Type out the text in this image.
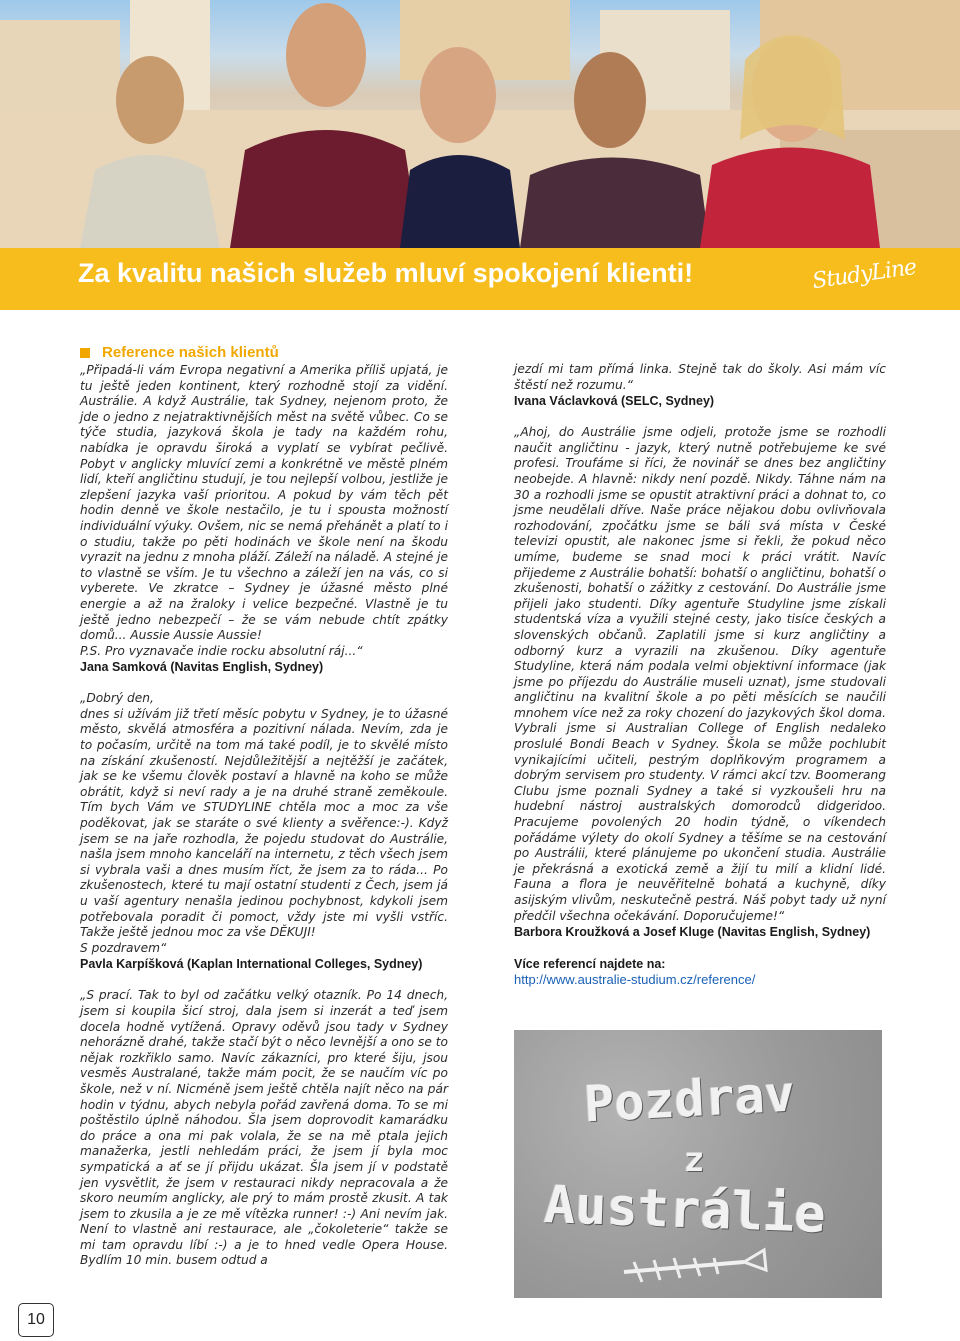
Za kvalitu našich služeb mluví spokojení klienti!	StudyLine
Reference našich klientů

„Připadá-li vám Evropa negativní a Amerika příliš upjatá, je tu ještě jeden kontinent, který rozhodně stojí za vidění. Austrálie. A když Austrálie, tak Sydney, nejenom proto, že jde o jedno z nejatraktivnějších měst na světě vůbec. Co se týče studia, jazyková škola je tady na každém rohu, nabídka je opravdu široká a vyplatí se vybírat pečlivě. Pobyt v anglicky mluvící zemi a konkrétně ve městě plném lidí, kteří angličtinu studují, je tou nejlepší volbou, jestliže je zlepšení jazyka vaší prioritou. A pokud by vám těch pět hodin denně ve škole nestačilo, je tu i spousta možností individuální výuky. Ovšem, nic se nemá přehánět a platí to i o studiu, takže po pěti hodinách ve škole není na škodu vyrazit na jednu z mnoha pláží. Záleží na náladě. A stejné je to vlastně se vším. Je tu všechno a záleží jen na vás, co si vyberete. Ve zkratce – Sydney je úžasné město plné energie a až na žraloky i velice bezpečné. Vlastně je tu ještě jedno nebezpečí – že se vám nebude chtít zpátky domů... Aussie Aussie Aussie!

P.S. Pro vyznavače indie rocku absolutní ráj...“

Jana Samková (Navitas English, Sydney)

„Dobrý den,

dnes si užívám již třetí měsíc pobytu v Sydney, je to úžasné město, skvělá atmosféra a pozitivní nálada. Nevím, zda je to počasím, určitě na tom má také podíl, je to skvělé místo na získání zkušeností. Nejdůležitější a nejtěžší je začátek, jak se ke všemu člověk postaví a hlavně na koho se může obrátit, když si neví rady a je na druhé straně zeměkoule. Tím bych Vám ve STUDYLINE chtěla moc a moc za vše poděkovat, jak se staráte o své klienty a svěřence:-). Když jsem se na jaře rozhodla, že pojedu studovat do Austrálie, našla jsem mnoho kanceláří na internetu, z těch všech jsem si vybrala vaši a dnes musím říct, že jsem za to ráda... Po zkušenostech, které tu mají ostatní studenti z Čech, jsem já u vaší agentury nenašla jedinou pochybnost, kdykoli jsem potřebovala poradit či pomoct, vždy jste mi vyšli vstříc. Takže ještě jednou moc za vše DĚKUJI!

S pozdravem“

Pavla Karpíšková (Kaplan International Colleges, Sydney)

„S prací. Tak to byl od začátku velký otazník. Po 14 dnech, jsem si koupila šicí stroj, dala jsem si inzerát a teď jsem docela hodně vytížená. Opravy oděvů jsou tady v Sydney nehorázně drahé, takže stačí být o něco levnější a ono se to nějak rozkřiklo samo. Navíc zákazníci, pro které šiju, jsou vesměs Australané, takže mám pocit, že se naučím víc po škole, než v ní. Nicméně jsem ještě chtěla najít něco na pár hodin v týdnu, abych nebyla pořád zavřená doma. To se mi poštěstilo úplně náhodou. Šla jsem doprovodit kamarádku do práce a ona mi pak volala, že se na mě ptala jejich manažerka, jestli nehledám práci, že jsem jí byla moc sympatická a ať se jí přijdu ukázat. Šla jsem jí v podstatě jen vysvětlit, že jsem v restauraci nikdy nepracovala a že skoro neumím anglicky, ale prý to mám prostě zkusit. A tak jsem to zkusila a je ze mě vítězka runner! :-) Ani nevím jak. Není to vlastně ani restaurace, ale „čokoleterie“ takže se mi tam opravdu líbí :-) a je to hned vedle Opera House. Bydlím 10 min. busem odtud a

jezdí mi tam přímá linka. Stejně tak do školy. Asi mám víc štěstí než rozumu.“

Ivana Václavková (SELC, Sydney)

„Ahoj, do Austrálie jsme odjeli, protože jsme se rozhodli naučit angličtinu - jazyk, který nutně potřebujeme ke své profesi. Troufáme si říci, že novinář se dnes bez angličtiny neobejde. A hlavně: nikdy není pozdě. Nikdy. Táhne nám na 30 a rozhodli jsme se opustit atraktivní práci a dohnat to, co jsme neudělali dříve. Naše práce nějakou dobu ovlivňovala rozhodování, zpočátku jsme se báli svá místa v České televizi opustit, ale nakonec jsme si řekli, že pokud něco umíme, budeme se snad moci k práci vrátit. Navíc přijedeme z Austrálie bohatší: bohatší o angličtinu, bohatší o zkušenosti, bohatší o zážitky z cestování. Do Austrálie jsme přijeli jako studenti. Díky agentuře Studyline jsme získali studentská víza a využili stejné cesty, jako tisíce českých a slovenských občanů. Zaplatili jsme si kurz angličtiny a odborný kurz a vyrazili na zkušenou. Díky agentuře Studyline, která nám podala velmi objektivní informace (jak jsme po příjezdu do Austrálie museli uznat), jsme studovali angličtinu na kvalitní škole a po pěti měsících se naučili mnohem více než za roky chození do jazykových škol doma. Vybrali jsme si Australian College of English nedaleko proslulé Bondi Beach v Sydney. Škola se může pochlubit vynikajícími učiteli, pestrým doplňkovým programem a dobrým servisem pro studenty. V rámci akcí tzv. Boomerang Clubu jsme poznali Sydney a také si vyzkoušeli hru na hudební nástroj australských domorodců didgeridoo. Pracujeme povolených 20 hodin týdně, o víkendech pořádáme výlety do okolí Sydney a těšíme se na cestování po Austrálii, které plánujeme po ukončení studia. Austrálie je překrásná a exotická země a žijí tu milí a klidní lidé. Fauna a flora je neuvěřitelně bohatá a kuchyně, díky asijským vlivům, neskutečně pestrá. Náš pobyt tady už nyní předčil všechna očekávání. Doporučujeme!“

Barbora Kroužková a Josef Kluge (Navitas English, Sydney)

Více referencí najdete na:

http://www.australie-studium.cz/reference/
Pozdrav
z
Austrálie
10
